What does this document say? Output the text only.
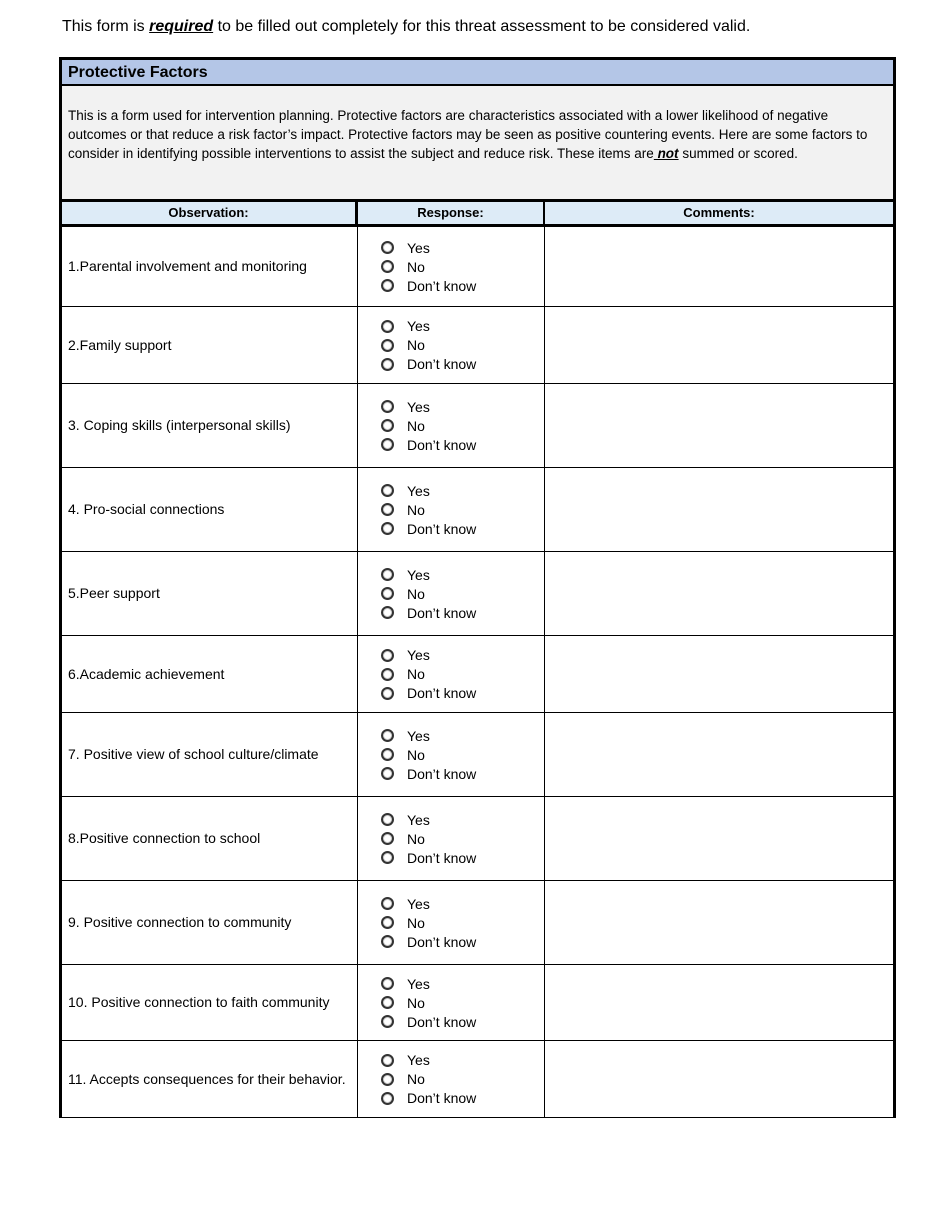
This form is required to be filled out completely for this threat assessment to be considered valid.
Protective Factors
This is a form used for intervention planning. Protective factors are characteristics associated with a lower likelihood of negative outcomes or that reduce a risk factor’s impact. Protective factors may be seen as positive countering events. Here are some factors to consider in identifying possible interventions to assist the subject and reduce risk. These items are not summed or scored.
Observation:	Response:	Comments:
1.Parental involvement and monitoring
Yes
No
Don’t know
2.Family support
Yes
No
Don’t know
3. Coping skills (interpersonal skills)
Yes
No
Don’t know
4. Pro-social connections
Yes
No
Don’t know
5.Peer support
Yes
No
Don’t know
6.Academic achievement
Yes
No
Don’t know
7. Positive view of school culture/climate
Yes
No
Don’t know
8.Positive connection to school
Yes
No
Don’t know
9. Positive connection to community
Yes
No
Don’t know
10. Positive connection to faith community
Yes
No
Don’t know
11. Accepts consequences for their behavior.
Yes
No
Don’t know
